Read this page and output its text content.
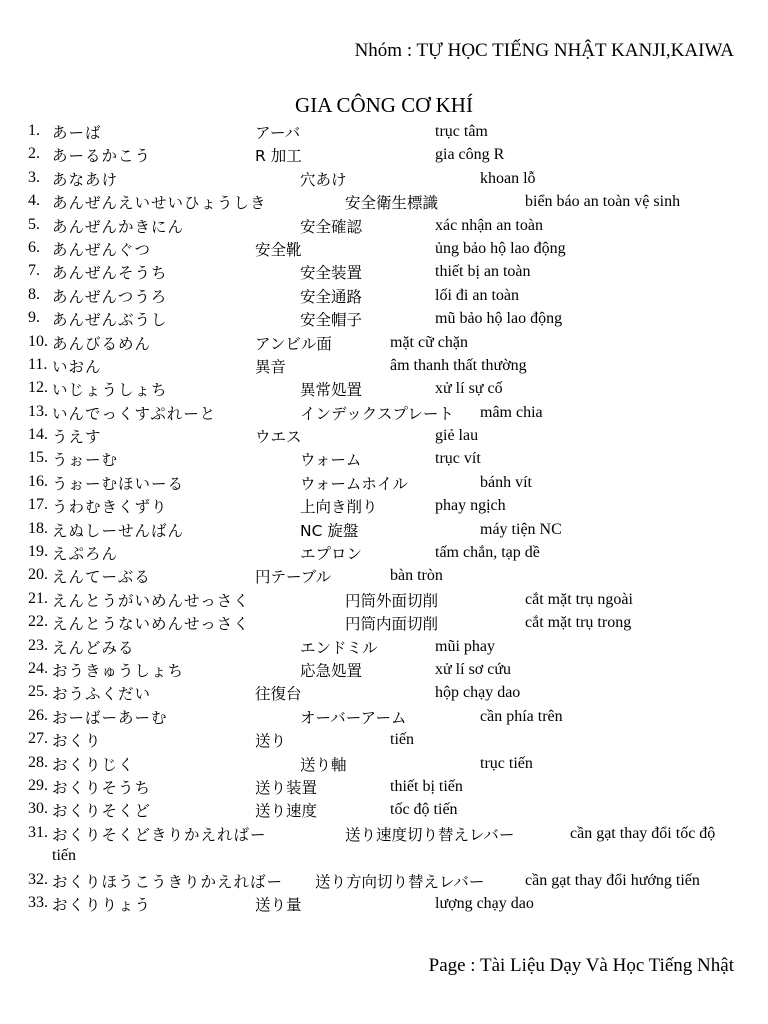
Nhóm : TỰ HỌC TIẾNG NHẬT KANJI,KAIWA
GIA CÔNG CƠ KHÍ
1. あーば	アーバ	trục tâm
2. あーるかこう	R 加工	gia công R
3. あなあけ	穴あけ	khoan lỗ
4. あんぜんえいせいひょうしき	安全衛生標識	biển báo an toàn vệ sinh
5. あんぜんかきにん	安全確認	xác nhận an toàn
6. あんぜんぐつ	安全靴	ủng bảo hộ lao động
7. あんぜんそうち	安全装置	thiết bị an toàn
8. あんぜんつうろ	安全通路	lối đi an toàn
9. あんぜんぶうし	安全帽子	mũ bảo hộ lao động
10. あんびるめん	アンビル面	mặt cữ chặn
11. いおん	異音	âm thanh thất thường
12. いじょうしょち	異常処置	xử lí sự cố
13. いんでっくすぷれーと	インデックスプレート mâm chia
14. うえす	ウエス	giẻ lau
15. うぉーむ	ウォーム	trục vít
16. うぉーむほいーる	ウォームホイル	bánh vít
17. うわむきくずり	上向き削り	phay ngịch
18. えぬしーせんばん	NC 旋盤	máy tiện NC
19. えぷろん	エプロン	tấm chắn, tạp dề
20. えんてーぶる	円テーブル	bàn tròn
21. えんとうがいめんせっさく	円筒外面切削	cắt mặt trụ ngoài
22. えんとうないめんせっさく	円筒内面切削	cắt mặt trụ trong
23. えんどみる	エンドミル	mũi phay
24. おうきゅうしょち	応急処置	xử lí sơ cứu
25. おうふくだい	往復台	hộp chạy dao
26. おーばーあーむ	オーバーアーム	cần phía trên
27. おくり	送り	tiến
28. おくりじく	送り軸	trục tiến
29. おくりそうち	送り装置	thiết bị tiến
30. おくりそくど	送り速度	tốc độ tiến
31. おくりそくどきりかえればー	送り速度切り替えレバー	cần gạt thay đổi tốc độ
tiến
32. おくりほうこうきりかえればー 送り方向切り替えレバー	cần gạt thay đổi hướng tiến
33. おくりりょう	送り量	lượng chạy dao
Page : Tài Liệu Dạy Và Học Tiếng Nhật
